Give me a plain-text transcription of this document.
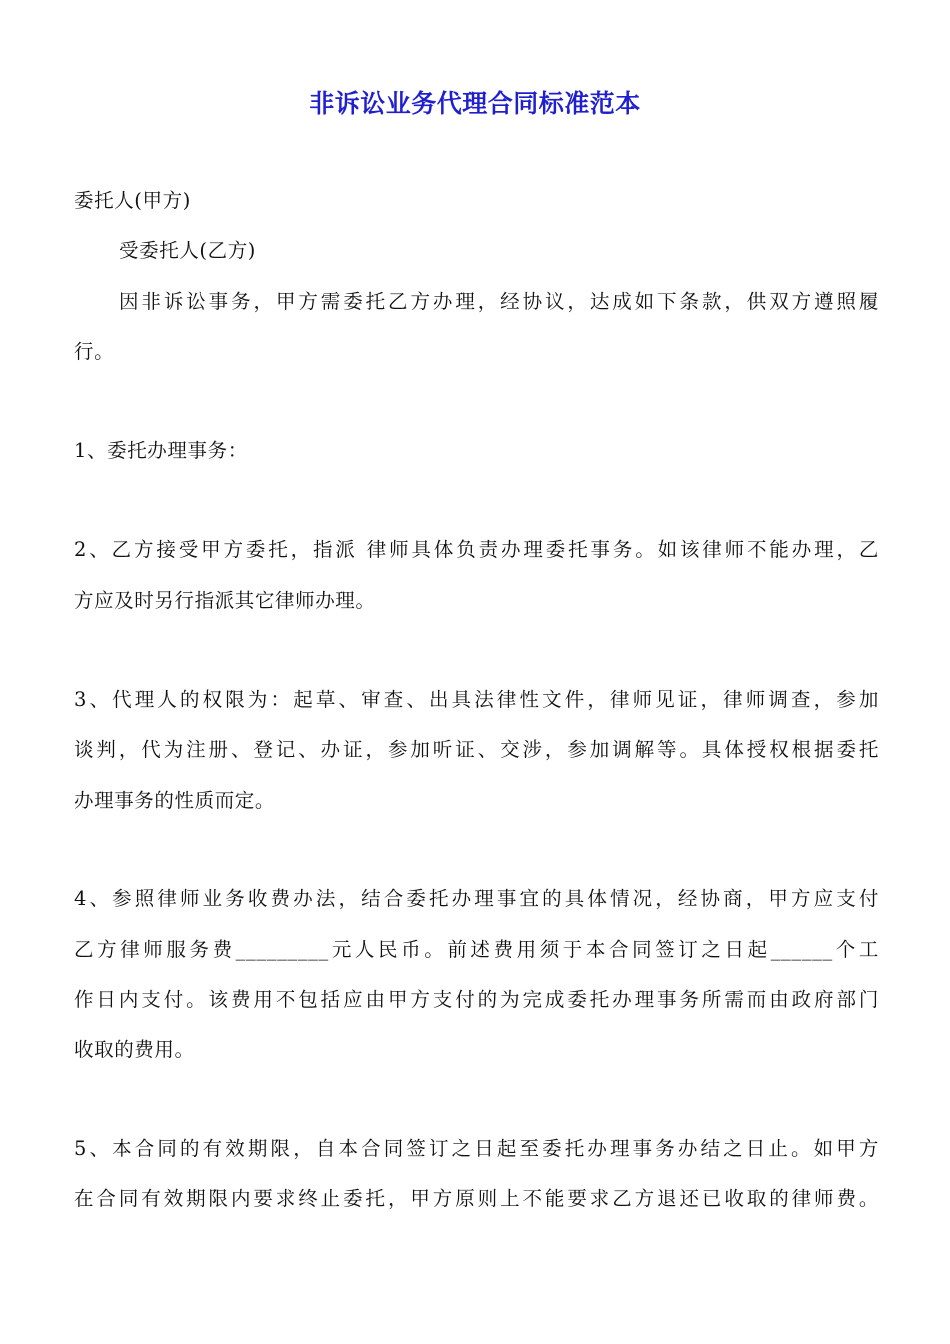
非诉讼业务代理合同标准范本
委托人(甲方)
受委托人(乙方)
因非诉讼事务，甲方需委托乙方办理，经协议，达成如下条款，供双方遵照履
行。
1、委托办理事务：
2、乙方接受甲方委托，指派 律师具体负责办理委托事务。如该律师不能办理，乙
方应及时另行指派其它律师办理。
3、代理人的权限为：起草、审查、出具法律性文件，律师见证，律师调查，参加
谈判，代为注册、登记、办证，参加听证、交涉，参加调解等。具体授权根据委托
办理事务的性质而定。
4、参照律师业务收费办法，结合委托办理事宜的具体情况，经协商，甲方应支付
乙方律师服务费_________元人民币。前述费用须于本合同签订之日起______个工
作日内支付。该费用不包括应由甲方支付的为完成委托办理事务所需而由政府部门
收取的费用。
5、本合同的有效期限，自本合同签订之日起至委托办理事务办结之日止。如甲方
在合同有效期限内要求终止委托，甲方原则上不能要求乙方退还已收取的律师费。
